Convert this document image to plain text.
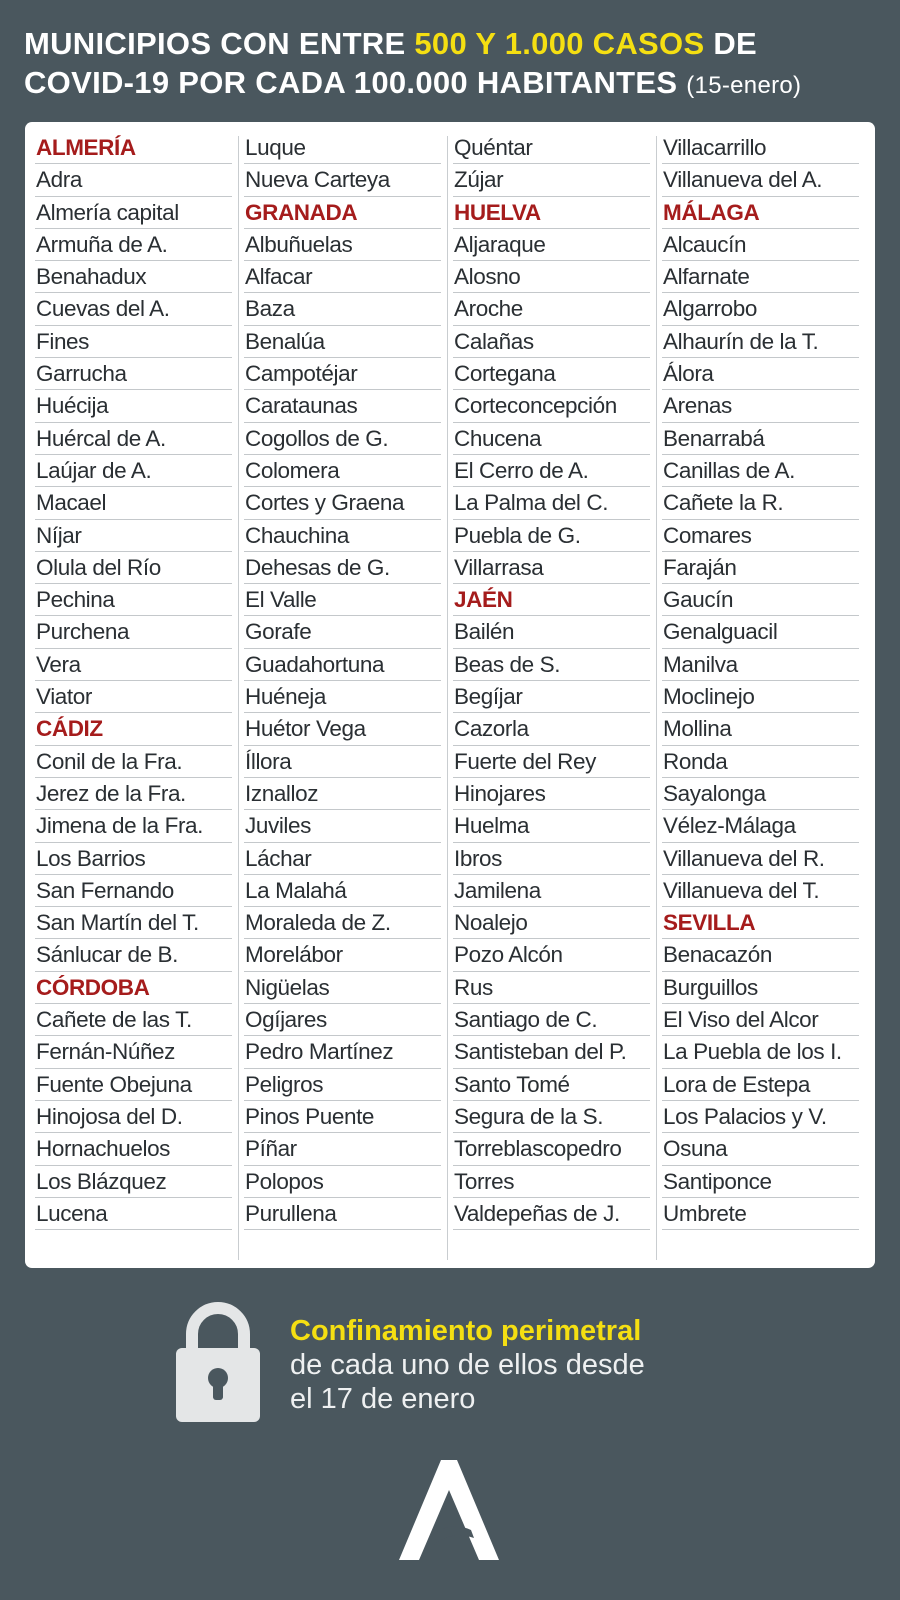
MUNICIPIOS CON ENTRE 500 Y 1.000 CASOS DE
COVID-19 POR CADA 100.000 HABITANTES (15-enero)
ALMERÍA
Adra
Almería capital
Armuña de A.
Benahadux
Cuevas del A.
Fines
Garrucha
Huécija
Huércal de A.
Laújar de A.
Macael
Níjar
Olula del Río
Pechina
Purchena
Vera
Viator
CÁDIZ
Conil de la Fra.
Jerez de la Fra.
Jimena de la Fra.
Los Barrios
San Fernando
San Martín del T.
Sánlucar de B.
CÓRDOBA
Cañete de las T.
Fernán-Núñez
Fuente Obejuna
Hinojosa del D.
Hornachuelos
Los Blázquez
Lucena
Luque
Nueva Carteya
GRANADA
Albuñuelas
Alfacar
Baza
Benalúa
Campotéjar
Carataunas
Cogollos de G.
Colomera
Cortes y Graena
Chauchina
Dehesas de G.
El Valle
Gorafe
Guadahortuna
Huéneja
Huétor Vega
Íllora
Iznalloz
Juviles
Láchar
La Malahá
Moraleda de Z.
Morelábor
Nigüelas
Ogíjares
Pedro Martínez
Peligros
Pinos Puente
Píñar
Polopos
Purullena
Quéntar
Zújar
HUELVA
Aljaraque
Alosno
Aroche
Calañas
Cortegana
Corteconcepción
Chucena
El Cerro de A.
La Palma del C.
Puebla de G.
Villarrasa
JAÉN
Bailén
Beas de S.
Begíjar
Cazorla
Fuerte del Rey
Hinojares
Huelma
Ibros
Jamilena
Noalejo
Pozo Alcón
Rus
Santiago de C.
Santisteban del P.
Santo Tomé
Segura de la S.
Torreblascopedro
Torres
Valdepeñas de J.
Villacarrillo
Villanueva del A.
MÁLAGA
Alcaucín
Alfarnate
Algarrobo
Alhaurín de la T.
Álora
Arenas
Benarrabá
Canillas de A.
Cañete la R.
Comares
Faraján
Gaucín
Genalguacil
Manilva
Moclinejo
Mollina
Ronda
Sayalonga
Vélez-Málaga
Villanueva del R.
Villanueva del T.
SEVILLA
Benacazón
Burguillos
El Viso del Alcor
La Puebla de los I.
Lora de Estepa
Los Palacios y V.
Osuna
Santiponce
Umbrete
Confinamiento perimetral
de cada uno de ellos desde
el 17 de enero
